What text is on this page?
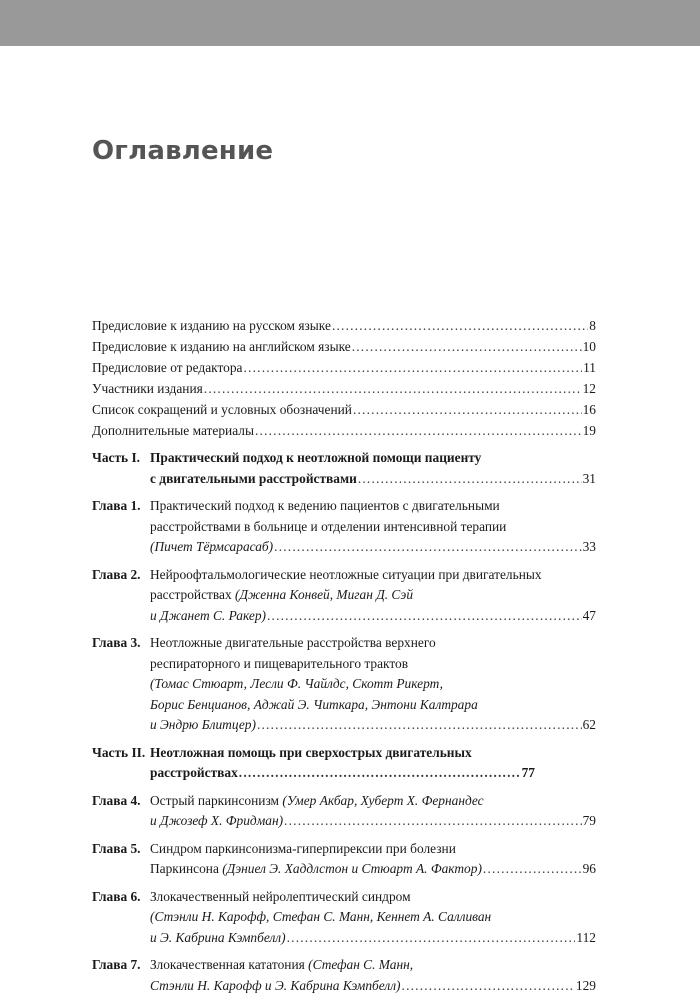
Оглавление
Предисловие к изданию на русском языке .....	8
Предисловие к изданию на английском языке .....	10
Предисловие от редактора .....	11
Участники издания .....	12
Список сокращений и условных обозначений .....	16
Дополнительные материалы .....	19
Часть I. Практический подход к неотложной помощи пациенту
с двигательными расстройствами .....	31
Глава 1. Практический подход к ведению пациентов с двигательными
расстройствами в больнице и отделении интенсивной терапии
(Пичет Тёрмсарасаб) .....	33
Глава 2. Нейроофтальмологические неотложные ситуации при двигательных
расстройствах (Дженна Конвей, Миган Д. Сэй
и Джанет С. Ракер) .....	47
Глава 3. Неотложные двигательные расстройства верхнего
респираторного и пищеварительного трактов
(Томас Стюарт, Лесли Ф. Чайлдс, Скотт Рикерт,
Борис Бенцианов, Аджай Э. Читкара, Энтони Калтрара
и Эндрю Блитцер) .....	62
Часть II. Неотложная помощь при сверхострых двигательных
расстройствах .....	77
Глава 4. Острый паркинсонизм (Умер Акбар, Хуберт Х. Фернандес
и Джозеф Х. Фридман) .....	79
Глава 5. Синдром паркинсонизма-гиперпирексии при болезни
Паркинсона (Дэниел Э. Хаддлстон и Стюарт А. Фактор) .....	96
Глава 6. Злокачественный нейролептический синдром
(Стэнли Н. Карофф, Стефан С. Манн, Кеннет А. Салливан
и Э. Кабрина Кэмпбелл) .....	112
Глава 7. Злокачественная кататония (Стефан С. Манн,
Стэнли Н. Карофф и Э. Кабрина Кэмпбелл) .....	129
